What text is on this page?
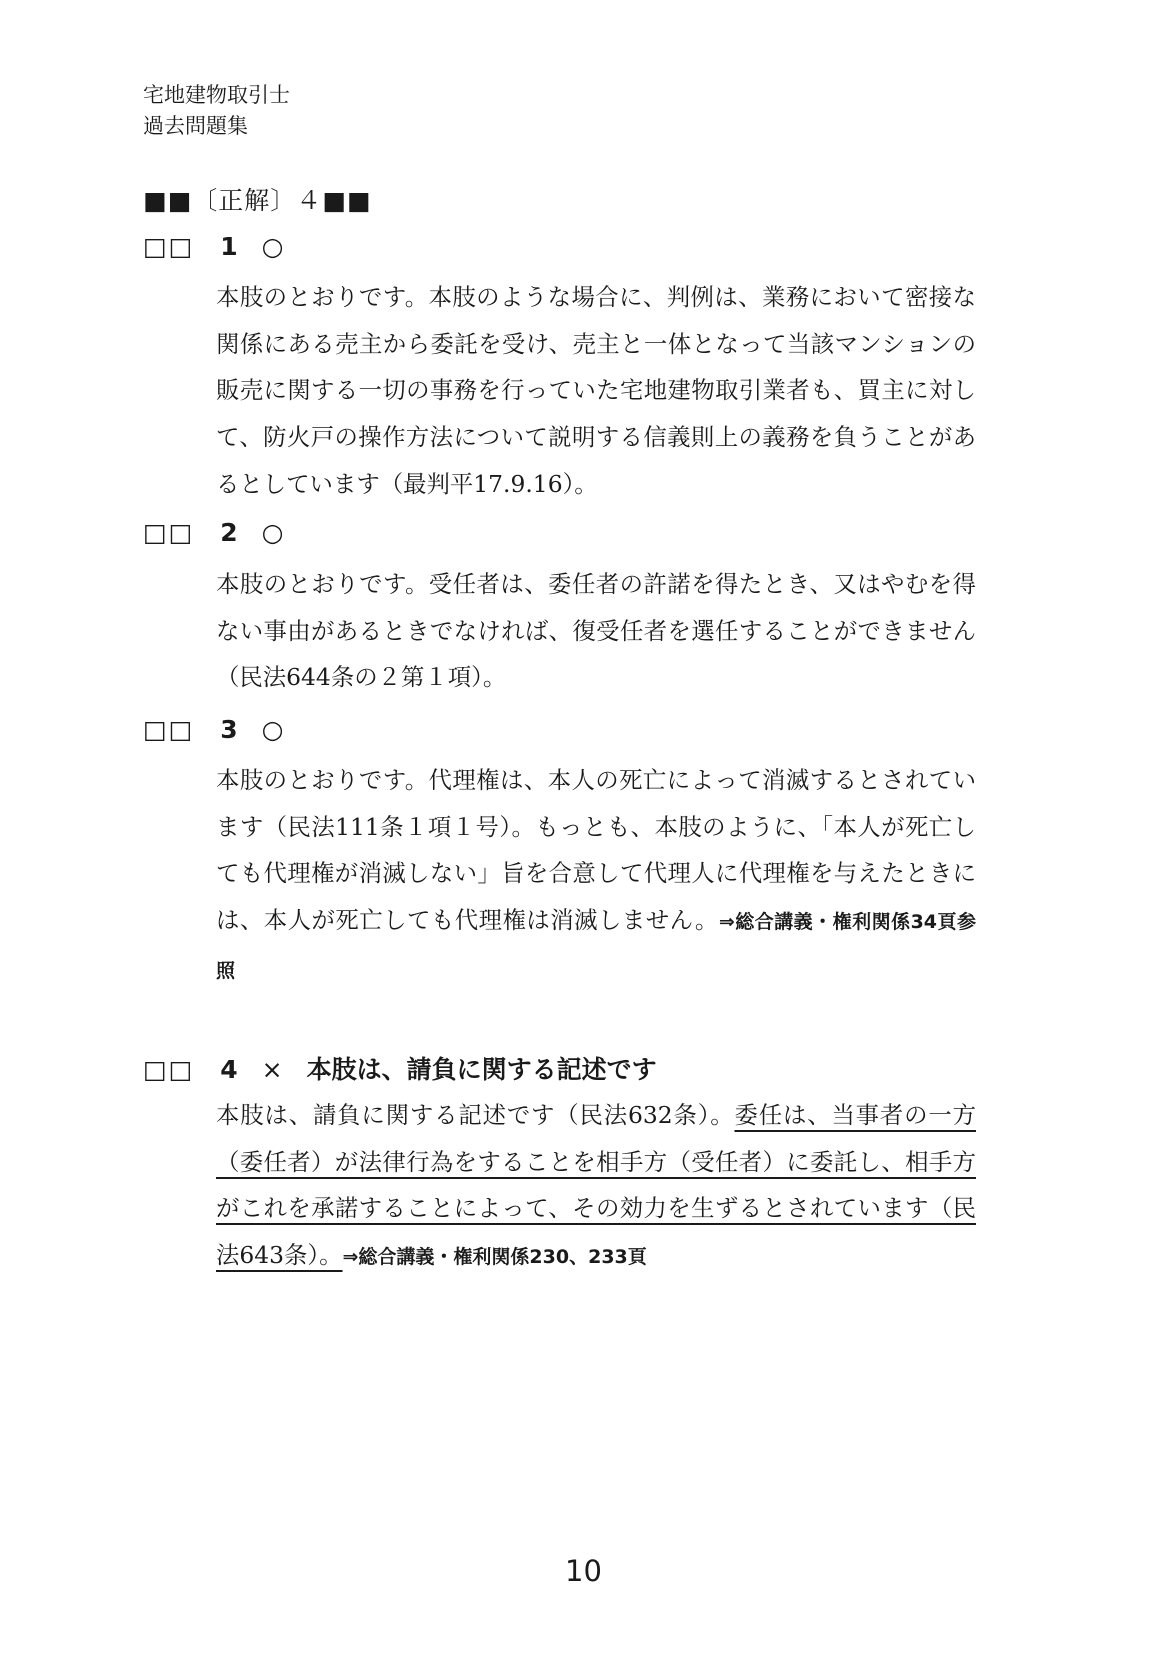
宅地建物取引士
過去問題集
■■〔正解〕４■■
□□ 1 ○
本肢のとおりです。本肢のような場合に、判例は、業務において密接な関係にある売主から委託を受け、売主と一体となって当該マンションの販売に関する一切の事務を行っていた宅地建物取引業者も、買主に対して、防火戸の操作方法について説明する信義則上の義務を負うことがあるとしています（最判平17.9.16）。
□□ 2 ○
本肢のとおりです。受任者は、委任者の許諾を得たとき、又はやむを得ない事由があるときでなければ、復受任者を選任することができません（民法644条の２第１項）。
□□ 3 ○
本肢のとおりです。代理権は、本人の死亡によって消滅するとされています（民法111条１項１号）。もっとも、本肢のように、「本人が死亡しても代理権が消滅しない」旨を合意して代理人に代理権を与えたときには、本人が死亡しても代理権は消滅しません。⇒総合講義・権利関係34頁参照
□□ 4 × 本肢は、請負に関する記述です
本肢は、請負に関する記述です（民法632条）。委任は、当事者の一方（委任者）が法律行為をすることを相手方（受任者）に委託し、相手方がこれを承諾することによって、その効力を生ずるとされています（民法643条）。⇒総合講義・権利関係230、233頁
10
